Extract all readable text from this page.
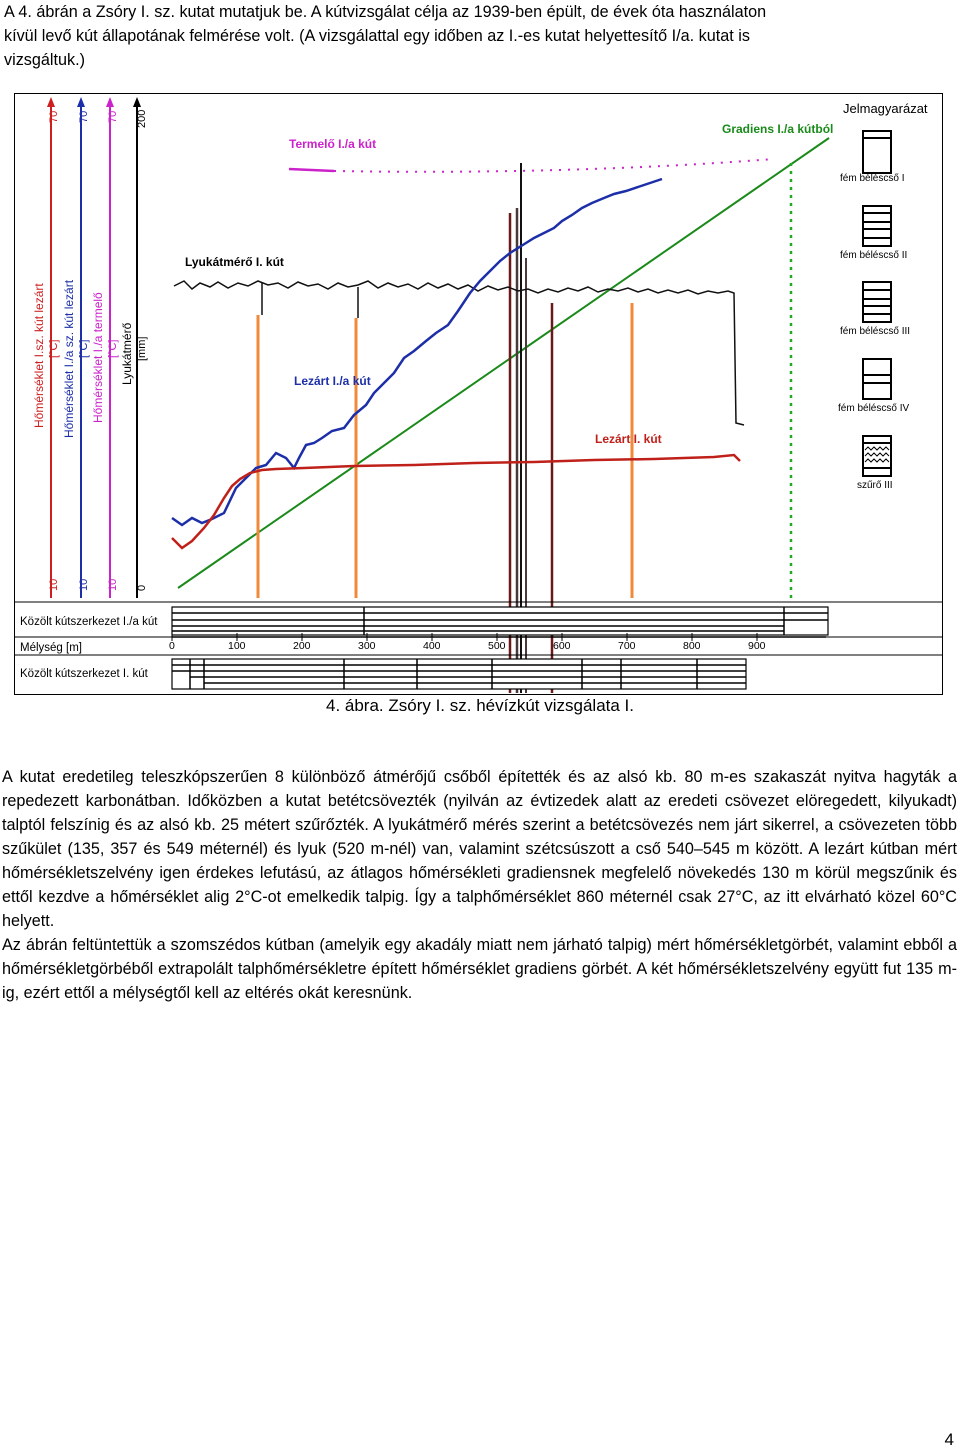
A 4. ábrán a Zsóry I. sz. kutat mutatjuk be. A kútvizsgálat célja az 1939-ben épült, de évek óta használaton

kívül levő kút állapotának felmérése volt. (A vizsgálattal egy időben az I.-es kutat helyettesítő I/a. kutat is

vizsgáltuk.)

70
10
Hőmérséklet I.sz. kút lezárt [°C]
70
10
Hőmérséklet I./a sz. kút lezárt [°C]
70
10
Hőmérséklet I./a termelő [°C]
200
0
Lyukátmérő [mm]
Termelő I./a kút
Gradiens I./a kútból
Lyukátmérő I. kút
Lezárt I./a kút
Lezárt I. kút
Jelmagyarázat
fém béléscső I
fém béléscső II
fém béléscső III
fém béléscső IV
szűrő III
Közölt kútszerkezet I./a kút
Mélység [m]	0	100	200	300	400	500	600	700	800	900
Közölt kútszerkezet I. kút
4. ábra. Zsóry I. sz. hévízkút vizsgálata I.

A kutat eredetileg teleszkópszerűen 8 különböző átmérőjű csőből építették és az alsó kb. 80 m-es szakaszát nyitva hagyták a repedezett karbonátban. Időközben a kutat betétcsövezték (nyilván az évtizedek alatt az eredeti csövezet elöregedett, kilyukadt) talptól felszínig és az alsó kb. 25 métert szűrőzték. A lyukátmérő mérés szerint a betétcsövezés nem járt sikerrel, a csövezeten több szűkület (135, 357 és 549 méternél) és lyuk (520 m-nél) van, valamint szétcsúszott a cső 540–545 m között. A lezárt kútban mért hőmérsékletszelvény igen érdekes lefutású, az átlagos hőmérsékleti gradiensnek megfelelő növekedés 130 m körül megszűnik és ettől kezdve a hőmérséklet alig 2°C-ot emelkedik talpig. Így a talphőmérséklet 860 méternél csak 27°C, az itt elvárható közel 60°C helyett.

Az ábrán feltüntettük a szomszédos kútban (amelyik egy akadály miatt nem járható talpig) mért hőmérsékletgörbét, valamint ebből a hőmérsékletgörbéből extrapolált talphőmérsékletre épített hőmérséklet gradiens görbét. A két hőmérsékletszelvény együtt fut 135 m-ig, ezért ettől a mélységtől kell az eltérés okát keresnünk.

4
